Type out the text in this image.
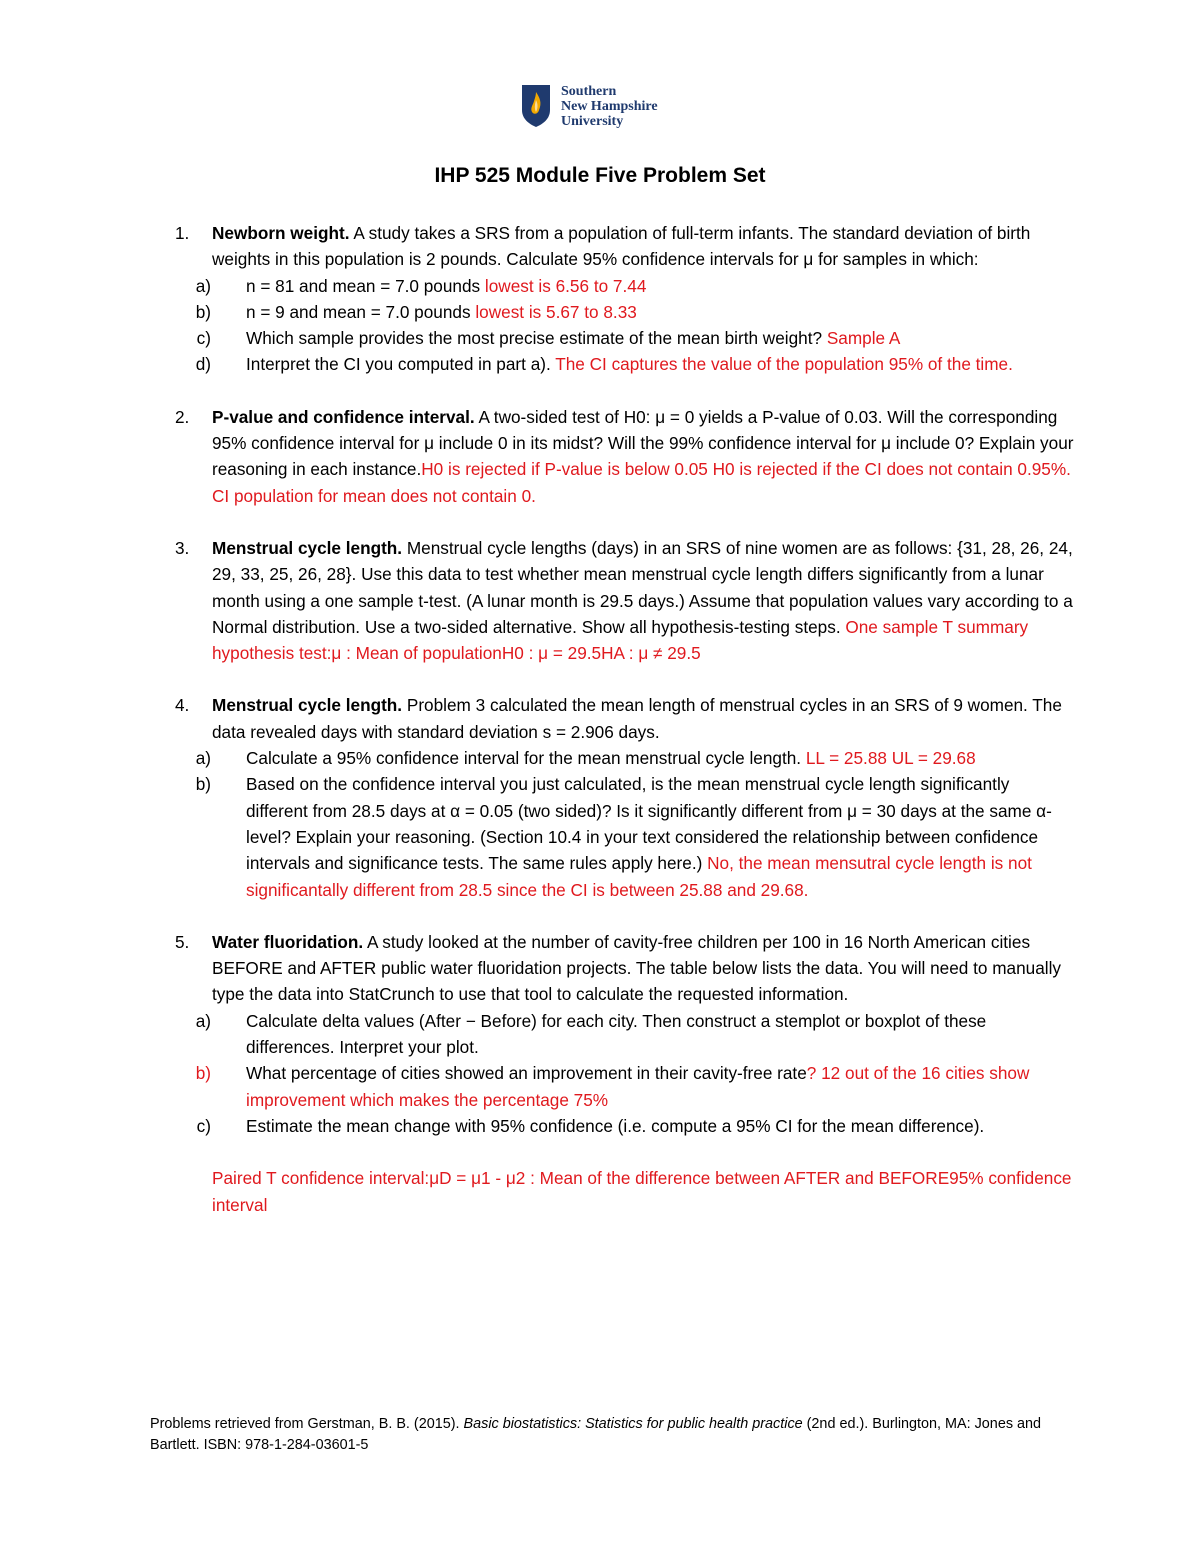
Southern
New Hampshire
University
IHP 525 Module Five Problem Set
1. Newborn weight. A study takes a SRS from a population of full-term infants. The standard deviation of birth weights in this population is 2 pounds. Calculate 95% confidence intervals for μ for samples in which:
a) n = 81 and mean = 7.0 pounds lowest is 6.56 to 7.44
b) n = 9 and mean = 7.0 pounds lowest is 5.67 to 8.33
c) Which sample provides the most precise estimate of the mean birth weight? Sample A
d) Interpret the CI you computed in part a). The CI captures the value of the population 95% of the time.
2. P-value and confidence interval. A two-sided test of H0: μ = 0 yields a P-value of 0.03. Will the corresponding 95% confidence interval for μ include 0 in its midst? Will the 99% confidence interval for μ include 0? Explain your reasoning in each instance.H0 is rejected if P-value is below 0.05 H0 is rejected if the CI does not contain 0.95%. CI population for mean does not contain 0.
3. Menstrual cycle length. Menstrual cycle lengths (days) in an SRS of nine women are as follows: {31, 28, 26, 24, 29, 33, 25, 26, 28}. Use this data to test whether mean menstrual cycle length differs significantly from a lunar month using a one sample t-test. (A lunar month is 29.5 days.) Assume that population values vary according to a Normal distribution. Use a two-sided alternative. Show all hypothesis-testing steps. One sample T summary hypothesis test:μ : Mean of populationH0 : μ = 29.5HA : μ ≠ 29.5
4. Menstrual cycle length. Problem 3 calculated the mean length of menstrual cycles in an SRS of 9 women. The data revealed days with standard deviation s = 2.906 days.
a) Calculate a 95% confidence interval for the mean menstrual cycle length. LL = 25.88 UL = 29.68
b) Based on the confidence interval you just calculated, is the mean menstrual cycle length significantly different from 28.5 days at α = 0.05 (two sided)? Is it significantly different from μ = 30 days at the same α-level? Explain your reasoning. (Section 10.4 in your text considered the relationship between confidence intervals and significance tests. The same rules apply here.) No, the mean mensutral cycle length is not significantally different from 28.5 since the CI is between 25.88 and 29.68.
5. Water fluoridation. A study looked at the number of cavity-free children per 100 in 16 North American cities BEFORE and AFTER public water fluoridation projects. The table below lists the data. You will need to manually type the data into StatCrunch to use that tool to calculate the requested information.
a) Calculate delta values (After − Before) for each city. Then construct a stemplot or boxplot of these differences. Interpret your plot.
b) What percentage of cities showed an improvement in their cavity-free rate? 12 out of the 16 cities show improvement which makes the percentage 75%
c) Estimate the mean change with 95% confidence (i.e. compute a 95% CI for the mean difference).
Paired T confidence interval:μD = μ1 - μ2 : Mean of the difference between AFTER and BEFORE95% confidence interval
Problems retrieved from Gerstman, B. B. (2015). Basic biostatistics: Statistics for public health practice (2nd ed.). Burlington, MA: Jones and Bartlett. ISBN: 978-1-284-03601-5
